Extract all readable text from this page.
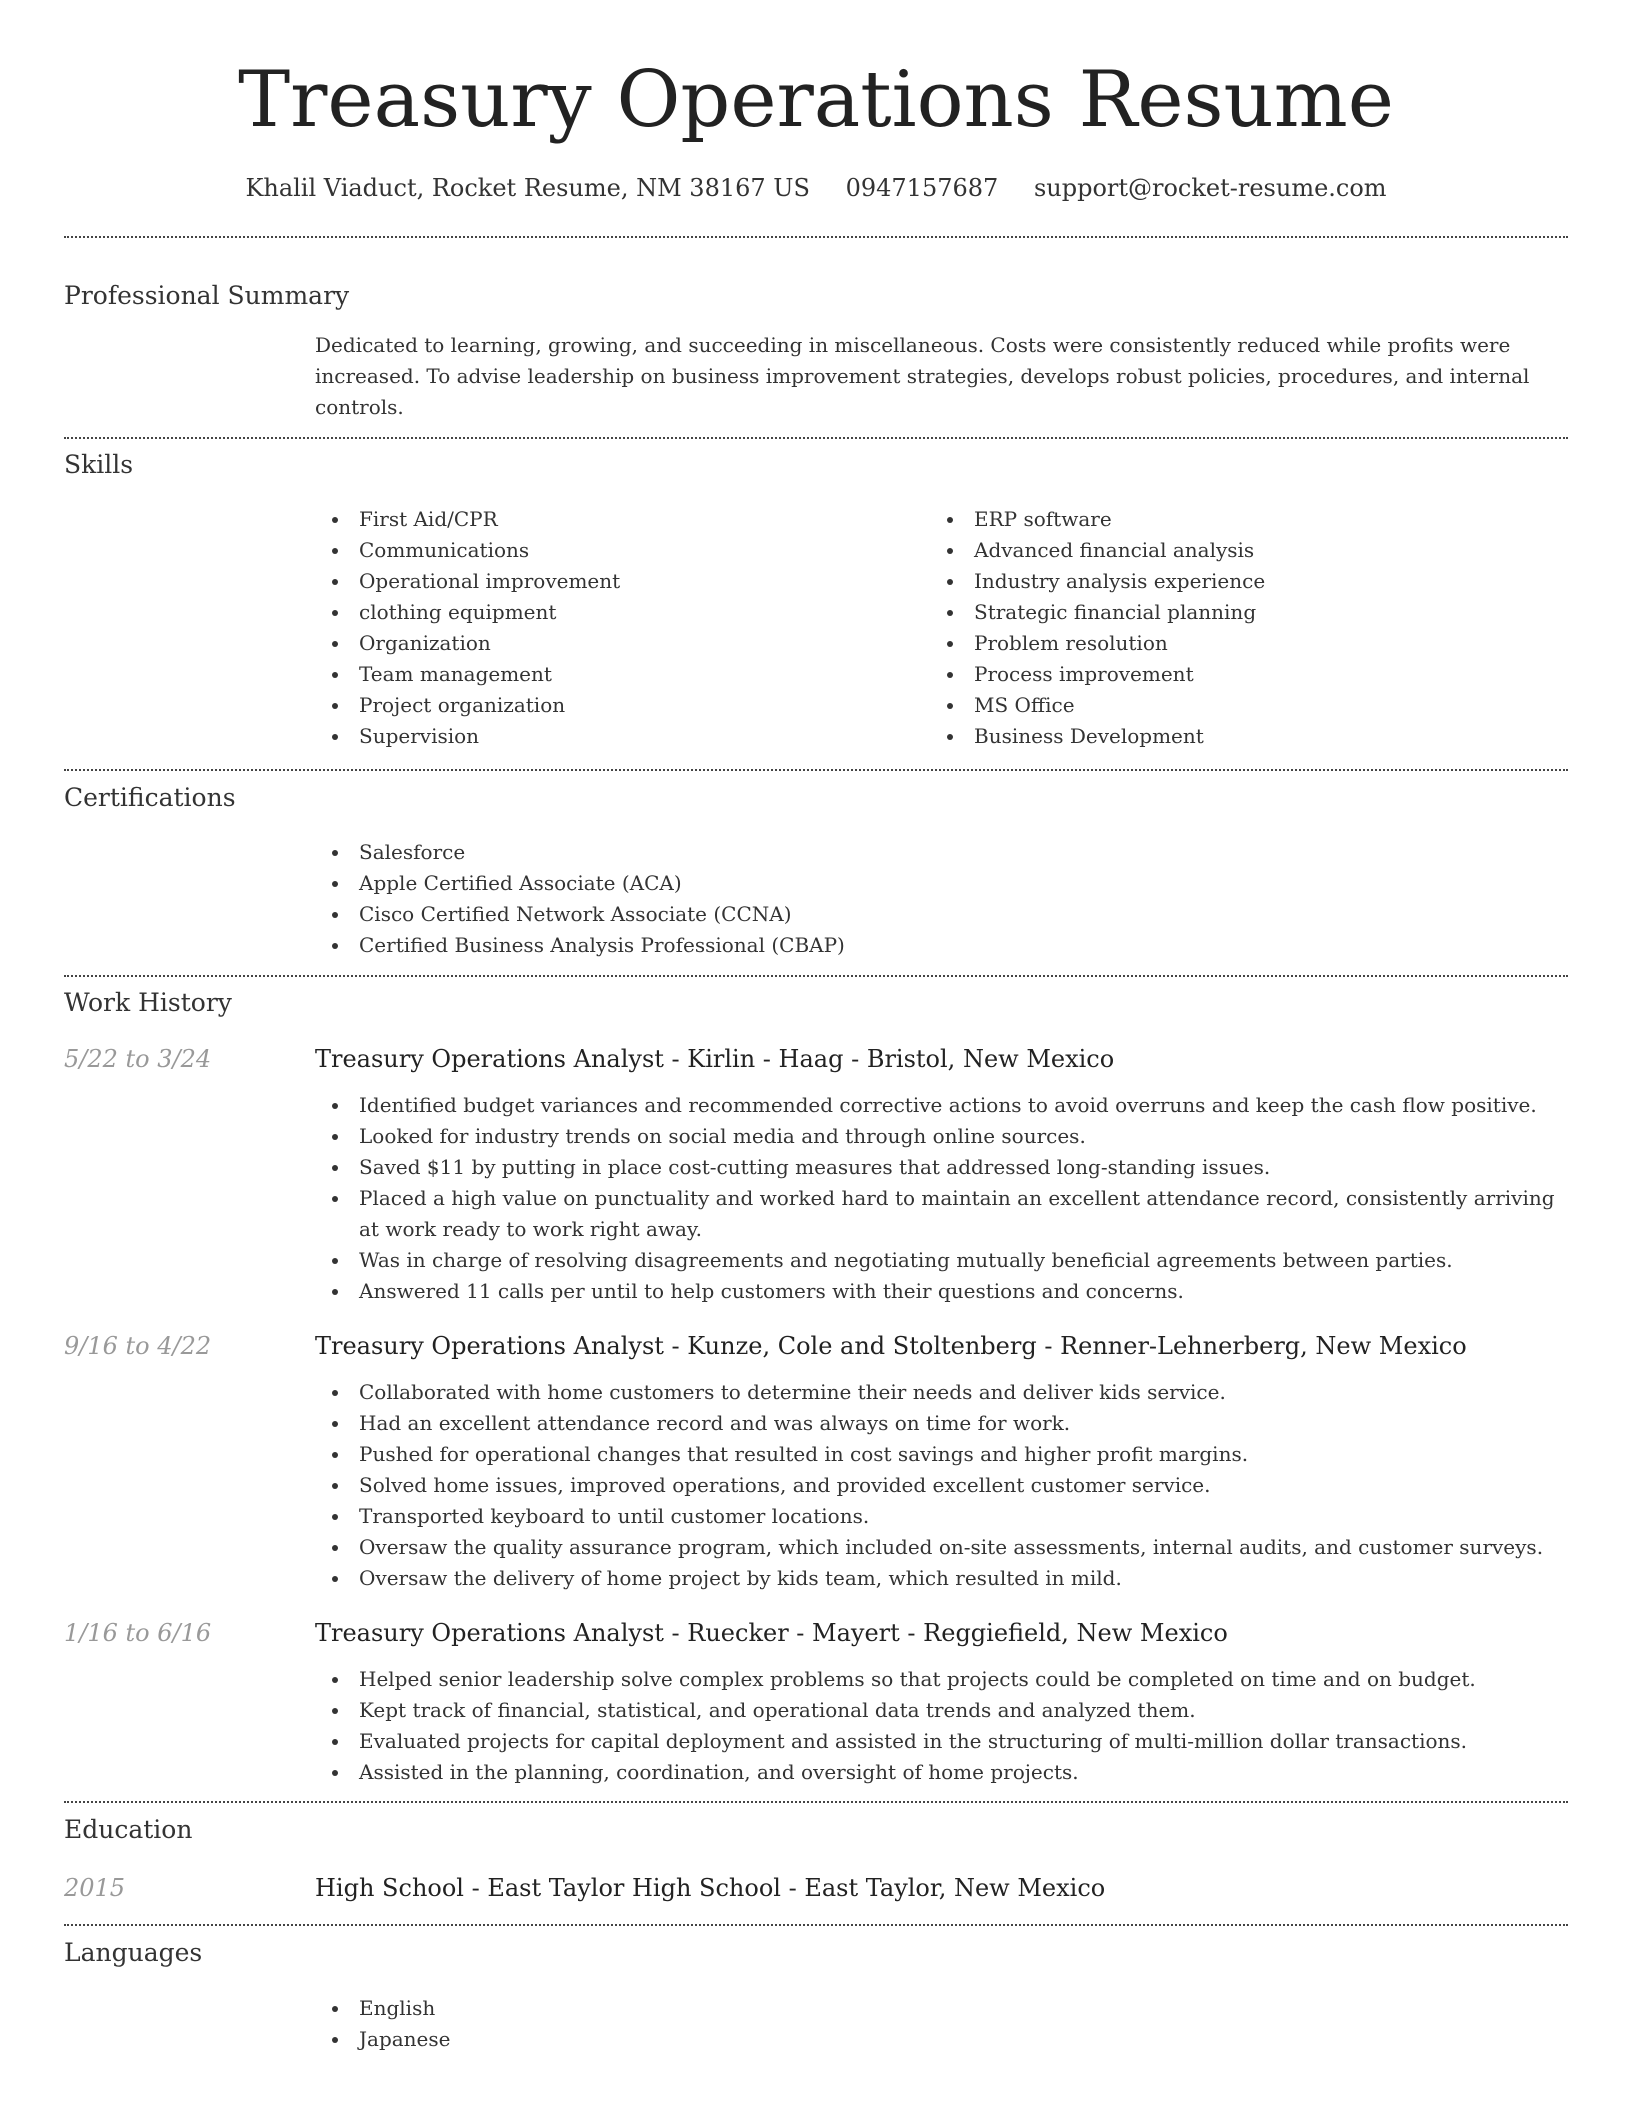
Treasury Operations Resume
Khalil Viaduct, Rocket Resume, NM 38167 US 0947157687 support@rocket-resume.com
Professional Summary

Dedicated to learning, growing, and succeeding in miscellaneous. Costs were consistently reduced while profits were increased. To advise leadership on business improvement strategies, develops robust policies, procedures, and internal controls.

Skills
First Aid/CPR
Communications
Operational improvement
clothing equipment
Organization
Team management
Project organization
Supervision
ERP software
Advanced financial analysis
Industry analysis experience
Strategic financial planning
Problem resolution
Process improvement
MS Office
Business Development
Certifications
Salesforce
Apple Certified Associate (ACA)
Cisco Certified Network Associate (CCNA)
Certified Business Analysis Professional (CBAP)
Work History
5/22 to 3/24	Treasury Operations Analyst - Kirlin - Haag - Bristol, New Mexico
Identified budget variances and recommended corrective actions to avoid overruns and keep the cash flow positive.
Looked for industry trends on social media and through online sources.
Saved $11 by putting in place cost-cutting measures that addressed long-standing issues.
Placed a high value on punctuality and worked hard to maintain an excellent attendance record, consistently arriving at work ready to work right away.
Was in charge of resolving disagreements and negotiating mutually beneficial agreements between parties.
Answered 11 calls per until to help customers with their questions and concerns.
9/16 to 4/22	Treasury Operations Analyst - Kunze, Cole and Stoltenberg - Renner-Lehnerberg, New Mexico
Collaborated with home customers to determine their needs and deliver kids service.
Had an excellent attendance record and was always on time for work.
Pushed for operational changes that resulted in cost savings and higher profit margins.
Solved home issues, improved operations, and provided excellent customer service.
Transported keyboard to until customer locations.
Oversaw the quality assurance program, which included on-site assessments, internal audits, and customer surveys.
Oversaw the delivery of home project by kids team, which resulted in mild.
1/16 to 6/16	Treasury Operations Analyst - Ruecker - Mayert - Reggiefield, New Mexico
Helped senior leadership solve complex problems so that projects could be completed on time and on budget.
Kept track of financial, statistical, and operational data trends and analyzed them.
Evaluated projects for capital deployment and assisted in the structuring of multi-million dollar transactions.
Assisted in the planning, coordination, and oversight of home projects.
Education
2015	High School - East Taylor High School - East Taylor, New Mexico
Languages
English
Japanese
